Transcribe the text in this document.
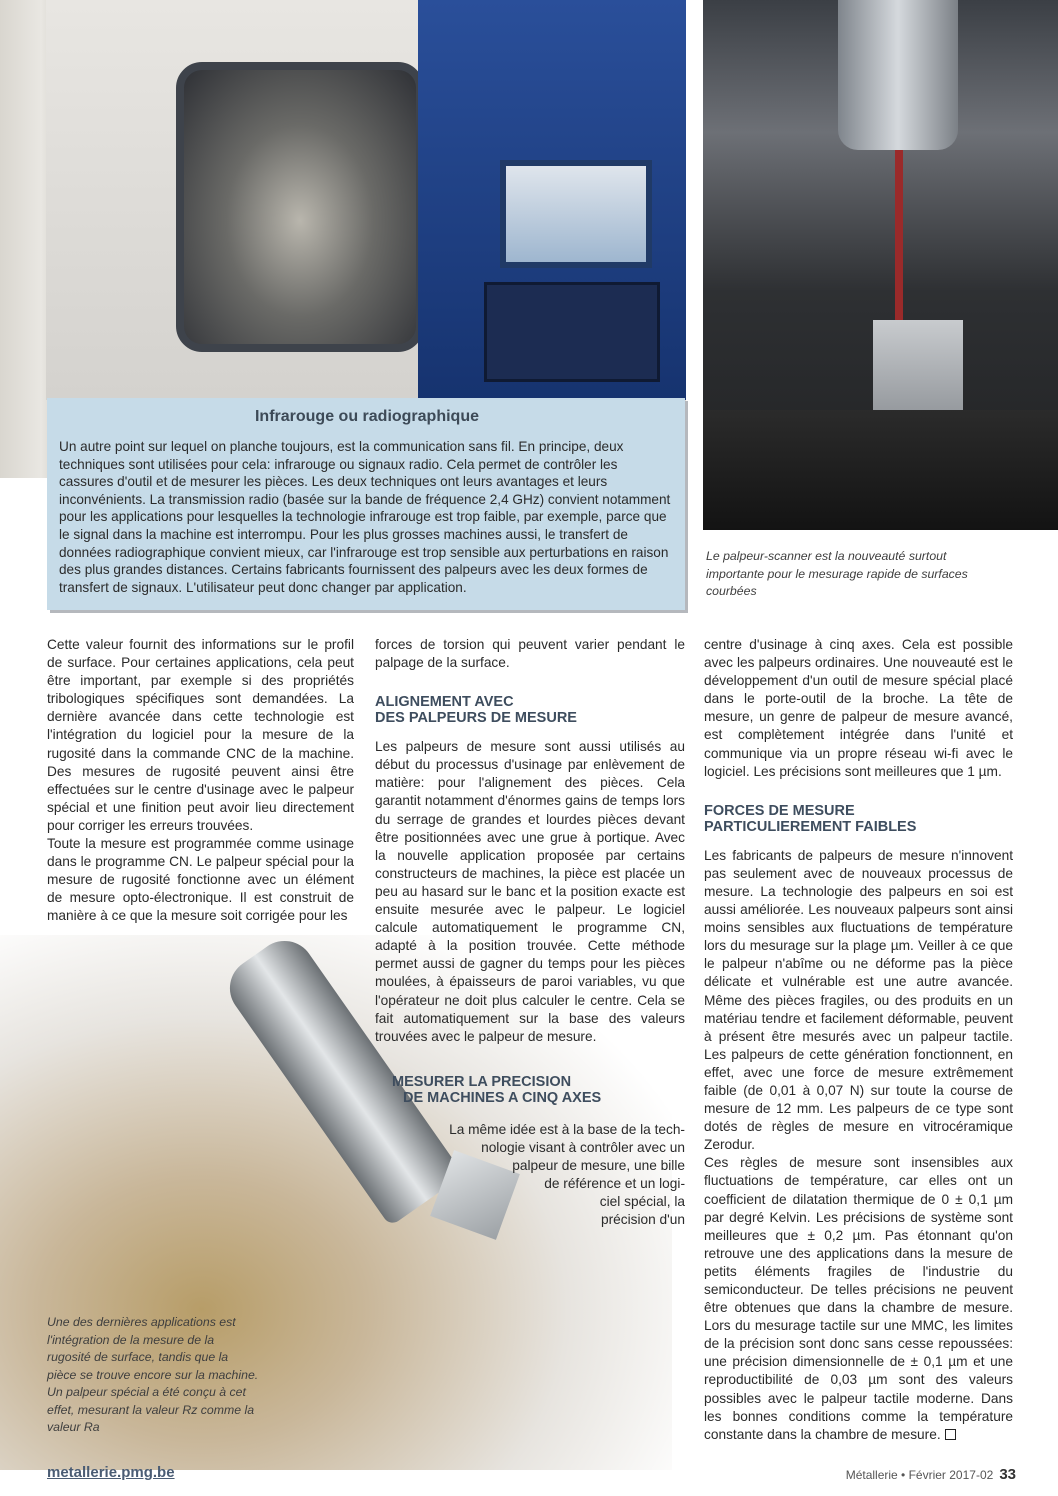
Infrarouge ou radiographique
Un autre point sur lequel on planche toujours, est la communication sans fil. En principe, deux techniques sont utilisées pour cela: infrarouge ou signaux radio. Cela permet de contrôler les cassures d'outil et de mesurer les pièces. Les deux techniques ont leurs avantages et leurs inconvénients. La transmission radio (basée sur la bande de fréquence 2,4 GHz) convient notamment pour les applications pour lesquelles la technologie infrarouge est trop faible, par exemple, parce que le signal dans la machine est interrompu. Pour les plus grosses machines aussi, le transfert de données radiographique convient mieux, car l'infrarouge est trop sensible aux perturbations en raison des plus grandes distances. Certains fabricants fournissent des palpeurs avec les deux formes de transfert de signaux. L'utilisateur peut donc changer par application.
Le palpeur-scanner est la nouveauté surtout importante pour le mesurage rapide de surfaces courbées

Cette valeur fournit des informations sur le profil de surface. Pour certaines applications, cela peut être important, par exemple si des propriétés tribologiques spécifiques sont demandées. La dernière avancée dans cette technologie est l'intégration du logiciel pour la mesure de la rugosité dans la commande CNC de la machine. Des mesures de rugosité peuvent ainsi être effectuées sur le centre d'usinage avec le palpeur spécial et une finition peut avoir lieu directement pour corriger les erreurs trouvées.

Toute la mesure est programmée comme usinage dans le programme CN. Le palpeur spécial pour la mesure de rugosité fonctionne avec un élément de mesure opto-électronique. Il est construit de manière à ce que la mesure soit corrigée pour les

forces de torsion qui peuvent varier pendant le palpage de la surface.

ALIGNEMENT AVEC
DES PALPEURS DE MESURE

Les palpeurs de mesure sont aussi utilisés au début du processus d'usinage par enlèvement de matière: pour l'alignement des pièces. Cela garantit notamment d'énormes gains de temps lors du serrage de grandes et lourdes pièces devant être positionnées avec une grue à portique. Avec la nouvelle application proposée par certains constructeurs de machines, la pièce est placée un peu au hasard sur le banc et la position exacte est ensuite mesurée avec le palpeur. Le logiciel calcule automatiquement le programme CN, adapté à la position trouvée. Cette méthode permet aussi de gagner du temps pour les pièces moulées, à épaisseurs de paroi variables, vu que l'opérateur ne doit plus calculer le centre. Cela se fait automatiquement sur la base des valeurs trouvées avec le palpeur de mesure.

MESURER LA PRECISION
DE MACHINES A CINQ AXES
La même idée est à la base de la tech-
nologie visant à contrôler avec un
palpeur de mesure, une bille
de référence et un logi-
ciel spécial, la
précision d'un

centre d'usinage à cinq axes. Cela est possible avec les palpeurs ordinaires. Une nouveauté est le développement d'un outil de mesure spécial placé dans le porte-outil de la broche. La tête de mesure, un genre de palpeur de mesure avancé, est complètement intégrée dans l'unité et communique via un propre réseau wi-fi avec le logiciel. Les précisions sont meilleures que 1 µm.

FORCES DE MESURE
PARTICULIEREMENT FAIBLES

Les fabricants de palpeurs de mesure n'innovent pas seulement avec de nouveaux processus de mesure. La technologie des palpeurs en soi est aussi améliorée. Les nouveaux palpeurs sont ainsi moins sensibles aux fluctuations de température lors du mesurage sur la plage µm. Veiller à ce que le palpeur n'abîme ou ne déforme pas la pièce délicate et vulnérable est une autre avancée. Même des pièces fragiles, ou des produits en un matériau tendre et facilement déformable, peuvent à présent être mesurés avec un palpeur tactile. Les palpeurs de cette génération fonctionnent, en effet, avec une force de mesure extrêmement faible (de 0,01 à 0,07 N) sur toute la course de mesure de 12 mm. Les palpeurs de ce type sont dotés de règles de mesure en vitrocéramique Zerodur.

Ces règles de mesure sont insensibles aux fluctuations de température, car elles ont un coefficient de dilatation thermique de 0 ± 0,1 µm par degré Kelvin. Les précisions de système sont meilleures que ± 0,2 µm. Pas étonnant qu'on retrouve une des applications dans la mesure de petits éléments fragiles de l'industrie du semiconducteur. De telles précisions ne peuvent être obtenues que dans la chambre de mesure. Lors du mesurage tactile sur une MMC, les limites de la précision sont donc sans cesse repoussées: une précision dimensionnelle de ± 0,1 µm et une reproductibilité de 0,03 µm sont des valeurs possibles avec le palpeur tactile moderne. Dans les bonnes conditions comme la température constante dans la chambre de mesure.

Une des dernières applications est l'intégration de la mesure de la rugosité de surface, tandis que la pièce se trouve encore sur la machine. Un palpeur spécial a été conçu à cet effet, mesurant la valeur Rz comme la valeur Ra
metallerie.pmg.be	Métallerie • Février 2017-02 33
